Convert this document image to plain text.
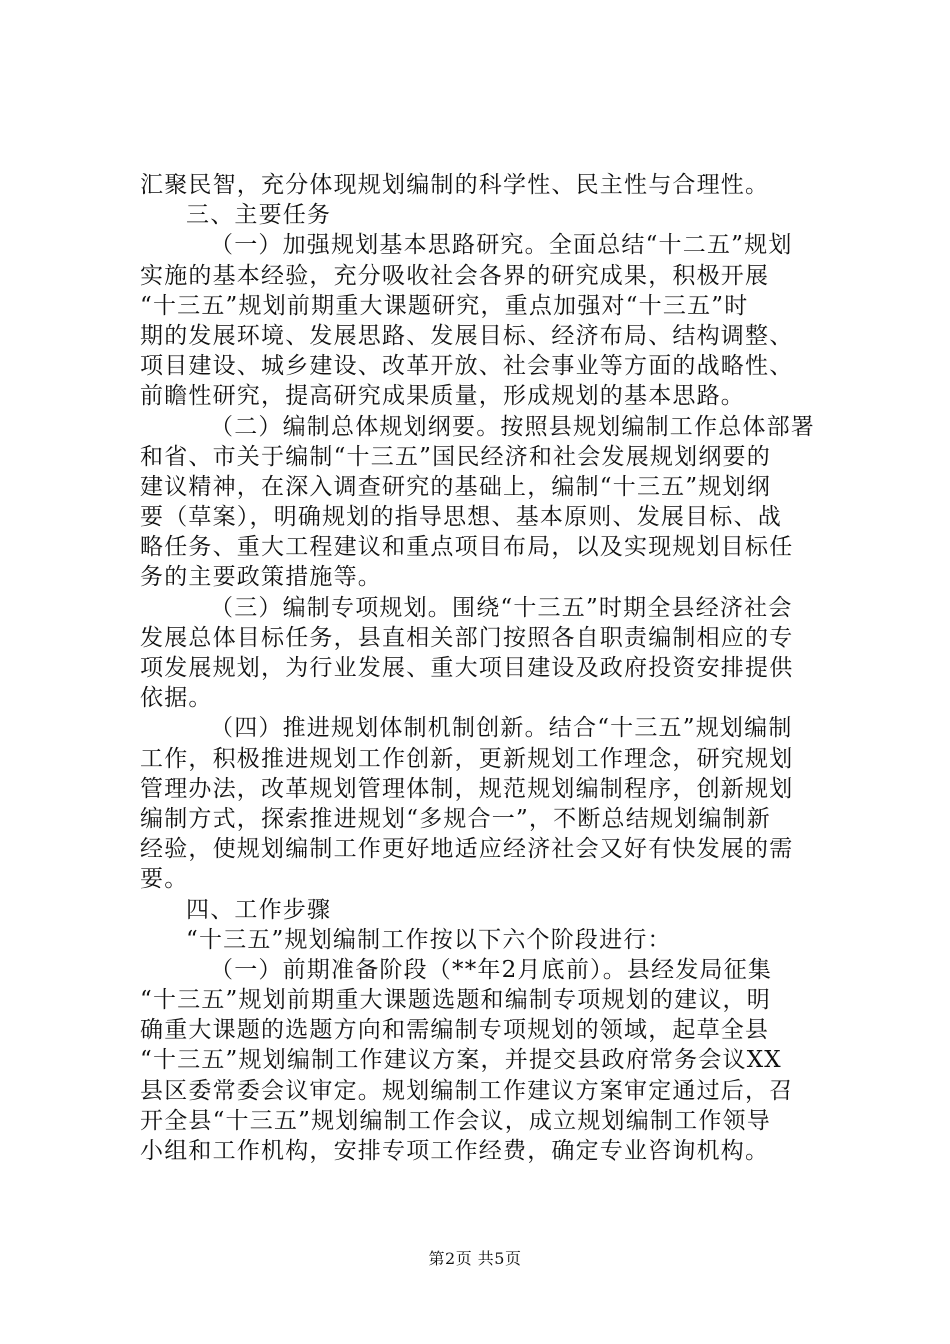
汇聚民智，充分体现规划编制的科学性、民主性与合理性。
三、主要任务
（一）加强规划基本思路研究。全面总结“十二五”规划
实施的基本经验，充分吸收社会各界的研究成果，积极开展
“十三五”规划前期重大课题研究，重点加强对“十三五”时
期的发展环境、发展思路、发展目标、经济布局、结构调整、
项目建设、城乡建设、改革开放、社会事业等方面的战略性、
前瞻性研究，提高研究成果质量，形成规划的基本思路。
（二）编制总体规划纲要。按照县规划编制工作总体部署
和省、市关于编制“十三五”国民经济和社会发展规划纲要的
建议精神，在深入调查研究的基础上，编制“十三五”规划纲
要（草案），明确规划的指导思想、基本原则、发展目标、战
略任务、重大工程建议和重点项目布局，以及实现规划目标任
务的主要政策措施等。
（三）编制专项规划。围绕“十三五”时期全县经济社会
发展总体目标任务，县直相关部门按照各自职责编制相应的专
项发展规划，为行业发展、重大项目建设及政府投资安排提供
依据。
（四）推进规划体制机制创新。结合“十三五”规划编制
工作，积极推进规划工作创新，更新规划工作理念，研究规划
管理办法，改革规划管理体制，规范规划编制程序，创新规划
编制方式，探索推进规划“多规合一”，不断总结规划编制新
经验，使规划编制工作更好地适应经济社会又好有快发展的需
要。
四、工作步骤
“十三五”规划编制工作按以下六个阶段进行：
（一）前期准备阶段（**年2月底前）。县经发局征集
“十三五”规划前期重大课题选题和编制专项规划的建议，明
确重大课题的选题方向和需编制专项规划的领域，起草全县
“十三五”规划编制工作建议方案，并提交县政府常务会议XX
县区委常委会议审定。规划编制工作建议方案审定通过后，召
开全县“十三五”规划编制工作会议，成立规划编制工作领导
小组和工作机构，安排专项工作经费，确定专业咨询机构。
第2页 共5页
